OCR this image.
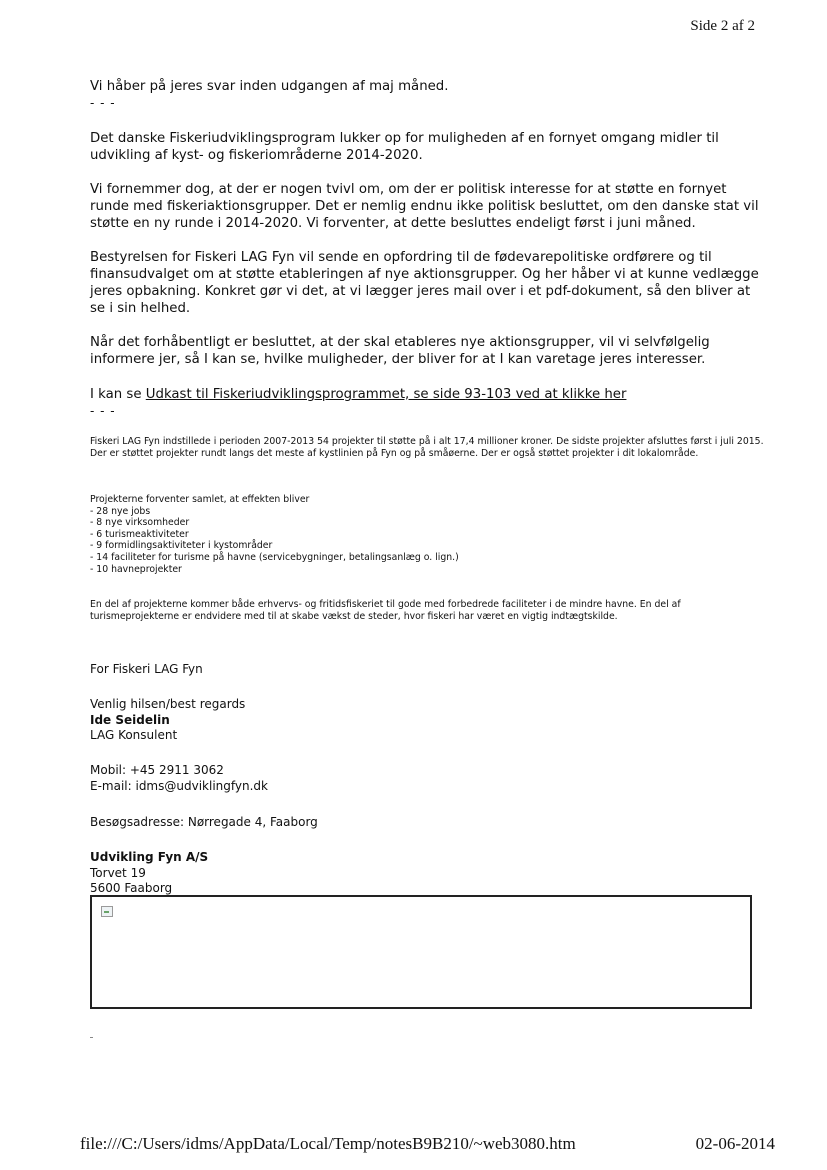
Side 2 af 2

Vi håber på jeres svar inden udgangen af maj måned.

- - -

Det danske Fiskeriudviklingsprogram lukker op for muligheden af en fornyet omgang midler til udvikling af kyst- og fiskeriområderne 2014-2020.

Vi fornemmer dog, at der er nogen tvivl om, om der er politisk interesse for at støtte en fornyet runde med fiskeriaktionsgrupper. Det er nemlig endnu ikke politisk besluttet, om den danske stat vil støtte en ny runde i 2014-2020. Vi forventer, at dette besluttes endeligt først i juni måned.

Bestyrelsen for Fiskeri LAG Fyn vil sende en opfordring til de fødevarepolitiske ordførere og til finansudvalget om at støtte etableringen af nye aktionsgrupper. Og her håber vi at kunne vedlægge jeres opbakning. Konkret gør vi det, at vi lægger jeres mail over i et pdf-dokument, så den bliver at se i sin helhed.

Når det forhåbentligt er besluttet, at der skal etableres nye aktionsgrupper, vil vi selvfølgelig informere jer, så I kan se, hvilke muligheder, der bliver for at I kan varetage jeres interesser.

I kan se Udkast til Fiskeriudviklingsprogrammet, se side 93-103 ved at klikke her

- - -

Fiskeri LAG Fyn indstillede i perioden 2007-2013 54 projekter til støtte på i alt 17,4 millioner kroner. De sidste projekter afsluttes først i juli 2015. Der er støttet projekter rundt langs det meste af kystlinien på Fyn og på småøerne. Der er også støttet projekter i dit lokalområde.

Projekterne forventer samlet, at effekten bliver
- 28 nye jobs
- 8 nye virksomheder
- 6 turismeaktiviteter
- 9 formidlingsaktiviteter i kystområder
- 14 faciliteter for turisme på havne (servicebygninger, betalingsanlæg o. lign.)
- 10 havneprojekter

En del af projekterne kommer både erhvervs- og fritidsfiskeriet til gode med forbedrede faciliteter i de mindre havne. En del af turismeprojekterne er endvidere med til at skabe vækst de steder, hvor fiskeri har været en vigtig indtægtskilde.

For Fiskeri LAG Fyn
Venlig hilsen/best regards
Ide Seidelin
LAG Konsulent
Mobil: +45 2911 3062
E-mail: idms@udviklingfyn.dk
Besøgsadresse: Nørregade 4, Faaborg
Udvikling Fyn A/S
Torvet 19
5600 Faaborg
file:///C:/Users/idms/AppData/Local/Temp/notesB9B210/~web3080.htm	02-06-2014
